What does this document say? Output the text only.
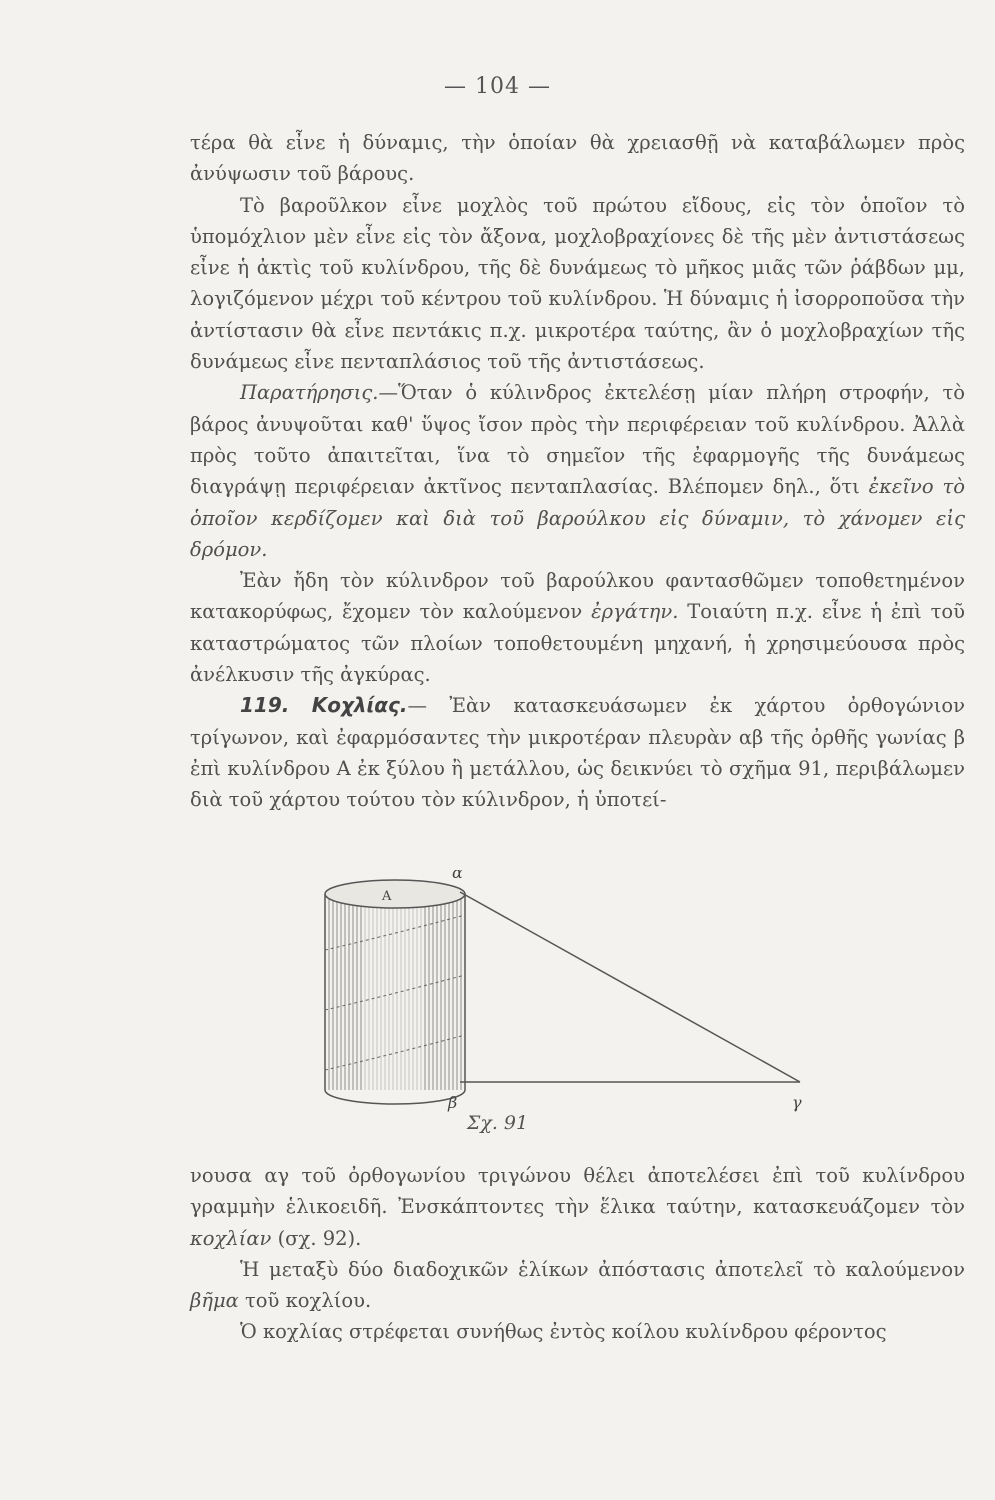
— 104 —

τέρα θὰ εἶνε ἡ δύναμις, τὴν ὁποίαν θὰ χρειασθῇ νὰ καταβάλωμεν πρὸς ἀνύψωσιν τοῦ βάρους.

Τὸ βαροῦλκον εἶνε μοχλὸς τοῦ πρώτου εἴδους, εἰς τὸν ὁποῖον τὸ ὑπομόχλιον μὲν εἶνε εἰς τὸν ἄξονα, μοχλοβραχίονες δὲ τῆς μὲν ἀντιστάσεως εἶνε ἡ ἀκτὶς τοῦ κυλίνδρου, τῆς δὲ δυνάμεως τὸ μῆκος μιᾶς τῶν ῥάβδων μμ, λογιζόμενον μέχρι τοῦ κέντρου τοῦ κυλίνδρου. Ἡ δύναμις ἡ ἰσορροποῦσα τὴν ἀντίστασιν θὰ εἶνε πεντάκις π.χ. μικροτέρα ταύτης, ἂν ὁ μοχλοβραχίων τῆς δυνάμεως εἶνε πενταπλάσιος τοῦ τῆς ἀντιστάσεως.

Παρατήρησις.—Ὅταν ὁ κύλινδρος ἐκτελέσῃ μίαν πλήρη στροφήν, τὸ βάρος ἀνυψοῦται καθ' ὕψος ἴσον πρὸς τὴν περιφέρειαν τοῦ κυλίνδρου. Ἀλλὰ πρὸς τοῦτο ἀπαιτεῖται, ἵνα τὸ σημεῖον τῆς ἐφαρμογῆς τῆς δυνάμεως διαγράψῃ περιφέρειαν ἀκτῖνος πενταπλασίας. Βλέπομεν δηλ., ὅτι ἐκεῖνο τὸ ὁποῖον κερδίζομεν καὶ διὰ τοῦ βαρούλκου εἰς δύναμιν, τὸ χάνομεν εἰς δρόμον.

Ἐὰν ἤδη τὸν κύλινδρον τοῦ βαρούλκου φαντασθῶμεν τοποθετημένον κατακορύφως, ἔχομεν τὸν καλούμενον ἐργάτην. Τοιαύτη π.χ. εἶνε ἡ ἐπὶ τοῦ καταστρώματος τῶν πλοίων τοποθετουμένη μηχανή, ἡ χρησιμεύουσα πρὸς ἀνέλκυσιν τῆς ἀγκύρας.

119. Κοχλίας.— Ἐὰν κατασκευάσωμεν ἐκ χάρτου ὀρθογώνιον τρίγωνον, καὶ ἐφαρμόσαντες τὴν μικροτέραν πλευρὰν αβ τῆς ὀρθῆς γωνίας β ἐπὶ κυλίνδρου Α ἐκ ξύλου ἢ μετάλλου, ὡς δεικνύει τὸ σχῆμα 91, περιβάλωμεν διὰ τοῦ χάρτου τούτου τὸν κύλινδρον, ἡ ὑποτεί-

A
α
β	γ
Σχ. 91

νουσα αγ τοῦ ὀρθογωνίου τριγώνου θέλει ἀποτελέσει ἐπὶ τοῦ κυλίνδρου γραμμὴν ἑλικοειδῆ. Ἐνσκάπτοντες τὴν ἕλικα ταύτην, κατασκευάζομεν τὸν κοχλίαν (σχ. 92).

Ἡ μεταξὺ δύο διαδοχικῶν ἑλίκων ἀπόστασις ἀποτελεῖ τὸ καλούμενον βῆμα τοῦ κοχλίου.

Ὁ κοχλίας στρέφεται συνήθως ἐντὸς κοίλου κυλίνδρου φέροντος
